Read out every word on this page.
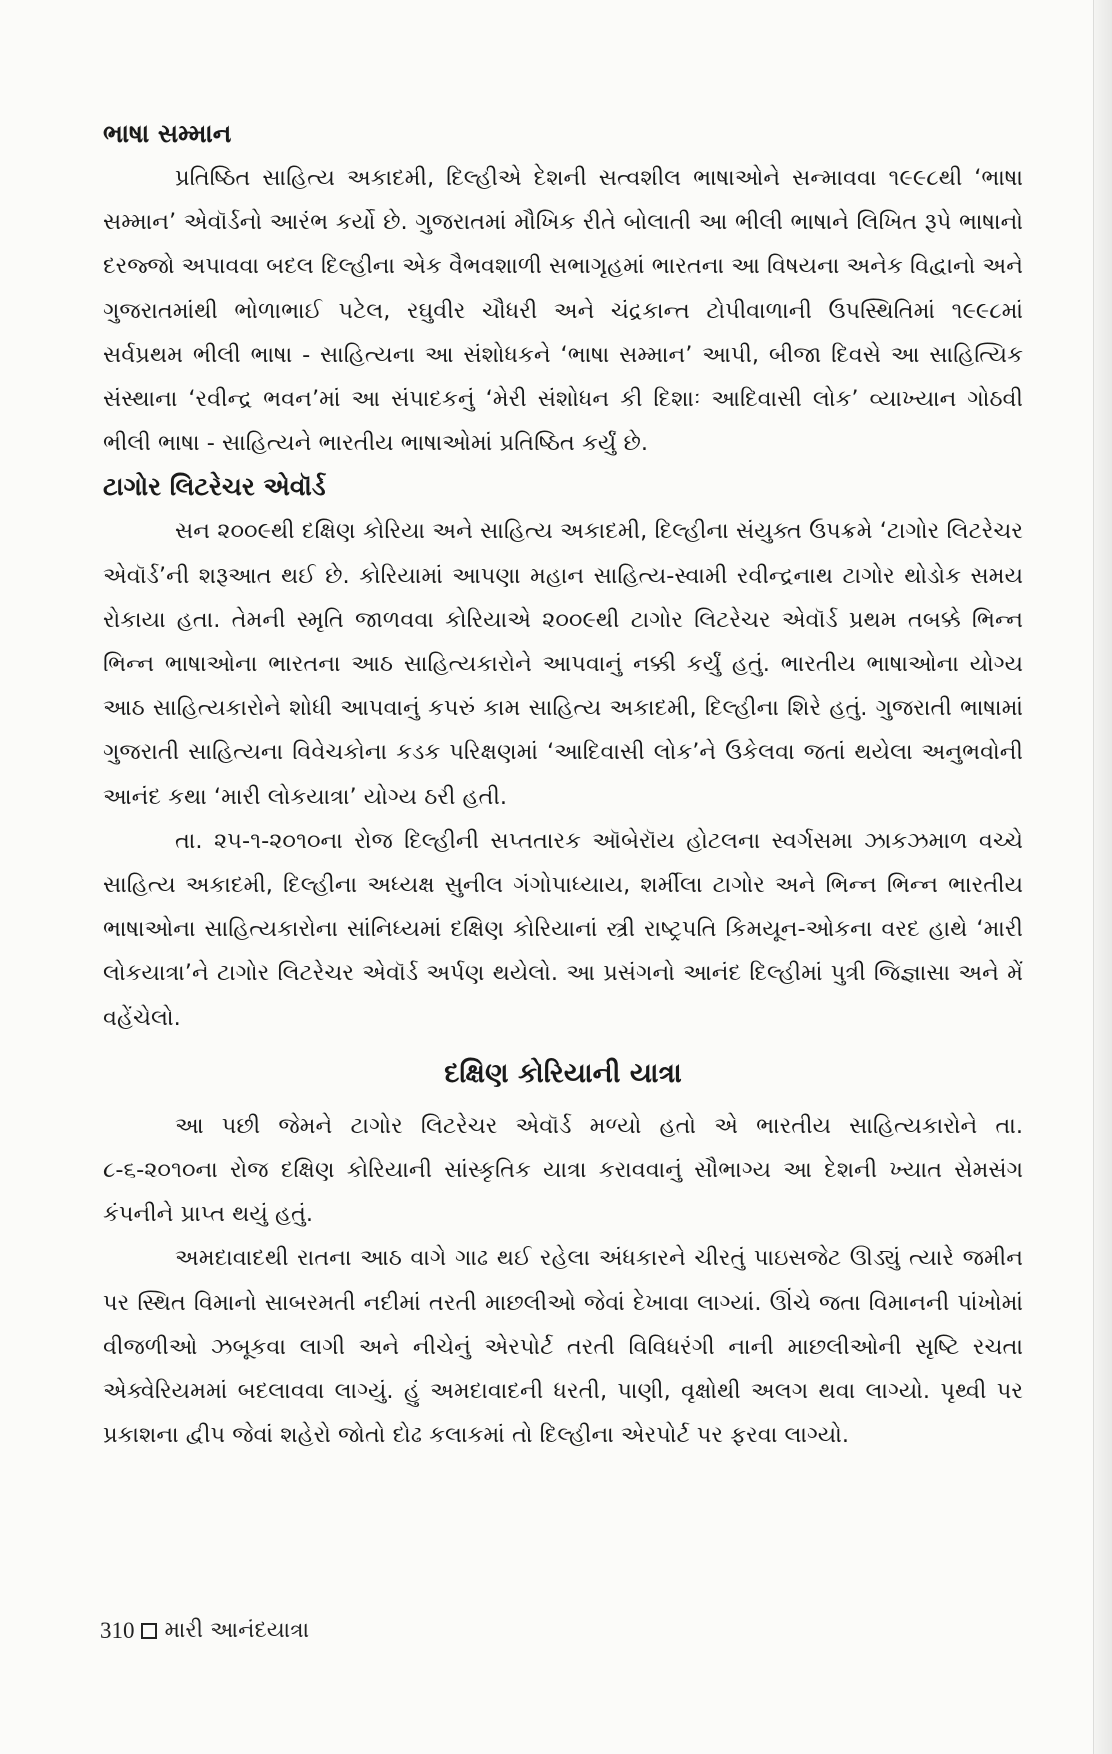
ભાષા સમ્માન

પ્રતિષ્ઠિત સાહિત્ય અકાદમી, દિલ્હીએ દેશની સત્વશીલ ભાષાઓને સન્માવવા ૧૯૯૮થી ‘ભાષા સમ્માન’ એવૉર્ડનો આરંભ કર્યો છે. ગુજરાતમાં મૌખિક રીતે બોલાતી આ ભીલી ભાષાને લિખિત રૂપે ભાષાનો દરજ્જો અપાવવા બદલ દિલ્હીના એક વૈભવશાળી સભાગૃહમાં ભારતના આ વિષયના અનેક વિદ્વાનો અને ગુજરાતમાંથી ભોળાભાઈ પટેલ, રઘુવીર ચૌધરી અને ચંદ્રકાન્ત ટોપીવાળાની ઉપસ્થિતિમાં ૧૯૯૮માં સર્વપ્રથમ ભીલી ભાષા - સાહિત્યના આ સંશોધકને ‘ભાષા સમ્માન’ આપી, બીજા દિવસે આ સાહિત્યિક સંસ્થાના ‘રવીન્દ્ર ભવન’માં આ સંપાદકનું ‘મેરી સંશોધન કી દિશાઃ આદિવાસી લોક’ વ્યાખ્યાન ગોઠવી ભીલી ભાષા - સાહિત્યને ભારતીય ભાષાઓમાં પ્રતિષ્ઠિત કર્યું છે.

ટાગોર લિટરેચર એવૉર્ડ

સન ૨૦૦૯થી દક્ષિણ કોરિયા અને સાહિત્ય અકાદમી, દિલ્હીના સંયુક્ત ઉપક્રમે ‘ટાગોર લિટરેચર એવૉર્ડ’ની શરૂઆત થઈ છે. કોરિયામાં આપણા મહાન સાહિત્ય-સ્વામી રવીન્દ્રનાથ ટાગોર થોડોક સમય રોકાયા હતા. તેમની સ્મૃતિ જાળવવા કોરિયાએ ૨૦૦૯થી ટાગોર લિટરેચર એવૉર્ડ પ્રથમ તબક્કે ભિન્ન ભિન્ન ભાષાઓના ભારતના આઠ સાહિત્યકારોને આપવાનું નક્કી કર્યું હતું. ભારતીય ભાષાઓના યોગ્ય આઠ સાહિત્યકારોને શોધી આપવાનું કપરું કામ સાહિત્ય અકાદમી, દિલ્હીના શિરે હતું. ગુજરાતી ભાષામાં ગુજરાતી સાહિત્યના વિવેચકોના કડક પરિક્ષણમાં ‘આદિવાસી લોક’ને ઉકેલવા જતાં થયેલા અનુભવોની આનંદ કથા ‘મારી લોકયાત્રા’ યોગ્ય ઠરી હતી.

તા. ૨૫-૧-૨૦૧૦ના રોજ દિલ્હીની સપ્તતારક ઑબેરૉય હોટલના સ્વર્ગસમા ઝાકઝમાળ વચ્ચે સાહિત્ય અકાદમી, દિલ્હીના અધ્યક્ષ સુનીલ ગંગોપાધ્યાય, શર્મીલા ટાગોર અને ભિન્ન ભિન્ન ભારતીય ભાષાઓના સાહિત્યકારોના સાંનિધ્યમાં દક્ષિણ કોરિયાનાં સ્ત્રી રાષ્ટ્રપતિ કિમયૂન-ઓકના વરદ હાથે ‘મારી લોકયાત્રા’ને ટાગોર લિટરેચર એવૉર્ડ અર્પણ થયેલો. આ પ્રસંગનો આનંદ દિલ્હીમાં પુત્રી જિજ્ઞાસા અને મેં વહેંચેલો.

દક્ષિણ કોરિયાની યાત્રા

આ પછી જેમને ટાગોર લિટરેચર એવૉર્ડ મળ્યો હતો એ ભારતીય સાહિત્યકારોને તા. ૮-૬-૨૦૧૦ના રોજ દક્ષિણ કોરિયાની સાંસ્કૃતિક યાત્રા કરાવવાનું સૌભાગ્ય આ દેશની ખ્યાત સેમસંગ કંપનીને પ્રાપ્ત થયું હતું.

અમદાવાદથી રાતના આઠ વાગે ગાઢ થઈ રહેલા અંધકારને ચીરતું પાઇસજેટ ઊડ્યું ત્યારે જમીન પર સ્થિત વિમાનો સાબરમતી નદીમાં તરતી માછલીઓ જેવાં દેખાવા લાગ્યાં. ઊંચે જતા વિમાનની પાંખોમાં વીજળીઓ ઝબૂકવા લાગી અને નીચેનું એરપોર્ટ તરતી વિવિધરંગી નાની માછલીઓની સૃષ્ટિ રચતા એક્વેરિયમમાં બદલાવવા લાગ્યું. હું અમદાવાદની ધરતી, પાણી, વૃક્ષોથી અલગ થવા લાગ્યો. પૃથ્વી પર પ્રકાશના દ્વીપ જેવાં શહેરો જોતો દોઢ કલાકમાં તો દિલ્હીના એરપોર્ટ પર ફરવા લાગ્યો.

310 મારી આનંદયાત્રા
